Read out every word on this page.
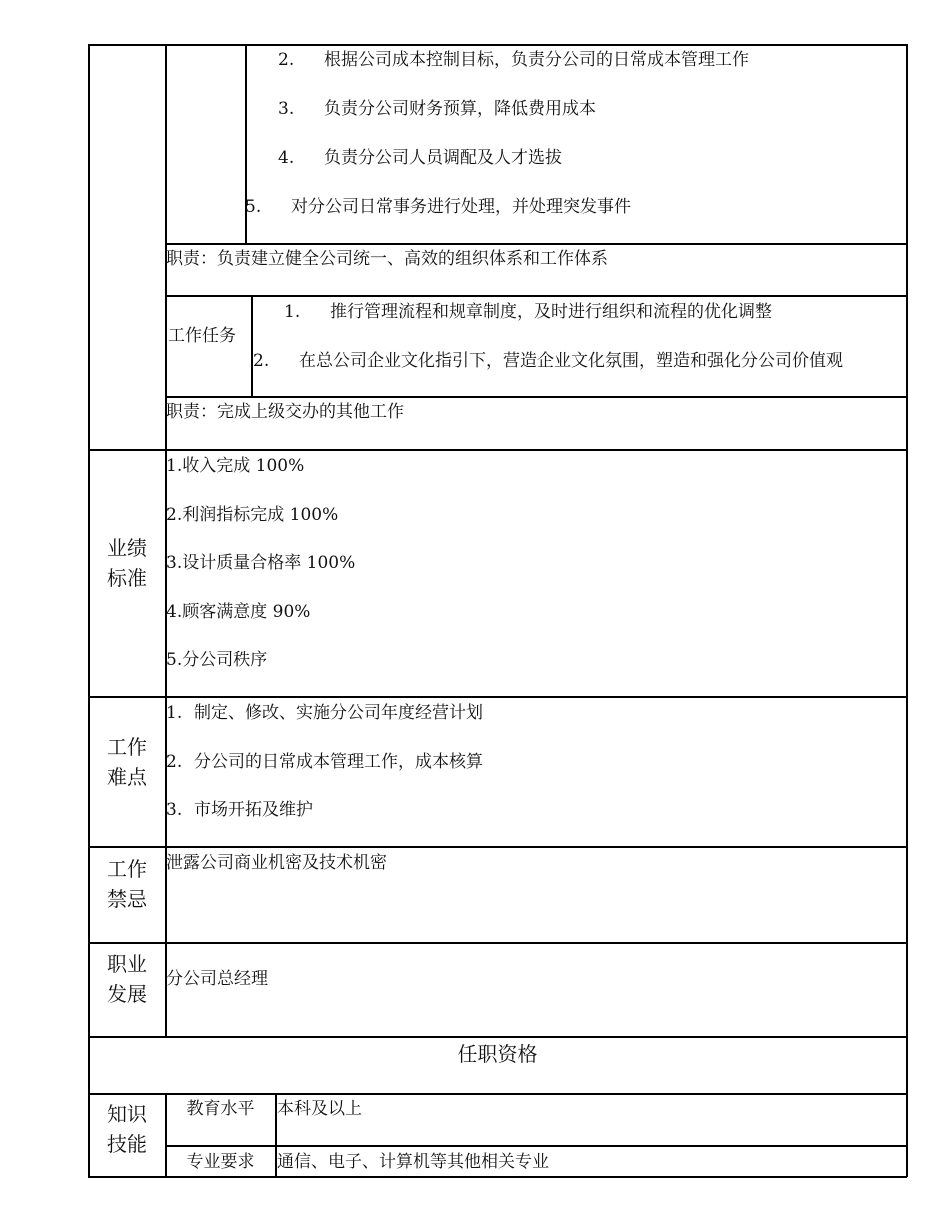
2. 根据公司成本控制目标，负责分公司的日常成本管理工作
3. 负责分公司财务预算，降低费用成本
4. 负责分公司人员调配及人才选拔
5. 对分公司日常事务进行处理，并处理突发事件
职责：负责建立健全公司统一、高效的组织体系和工作体系
工作任务
1. 推行管理流程和规章制度，及时进行组织和流程的优化调整
2. 在总公司企业文化指引下，营造企业文化氛围，塑造和强化分公司价值观
职责：完成上级交办的其他工作
业绩
标准
1.收入完成 100%
2.利润指标完成 100%
3.设计质量合格率 100%
4.顾客满意度 90%
5.分公司秩序
工作
难点
1. 制定、修改、实施分公司年度经营计划
2. 分公司的日常成本管理工作，成本核算
3. 市场开拓及维护
工作
禁忌
泄露公司商业机密及技术机密
职业
发展
分公司总经理
任职资格
知识
技能
教育水平	本科及以上
专业要求	通信、电子、计算机等其他相关专业
